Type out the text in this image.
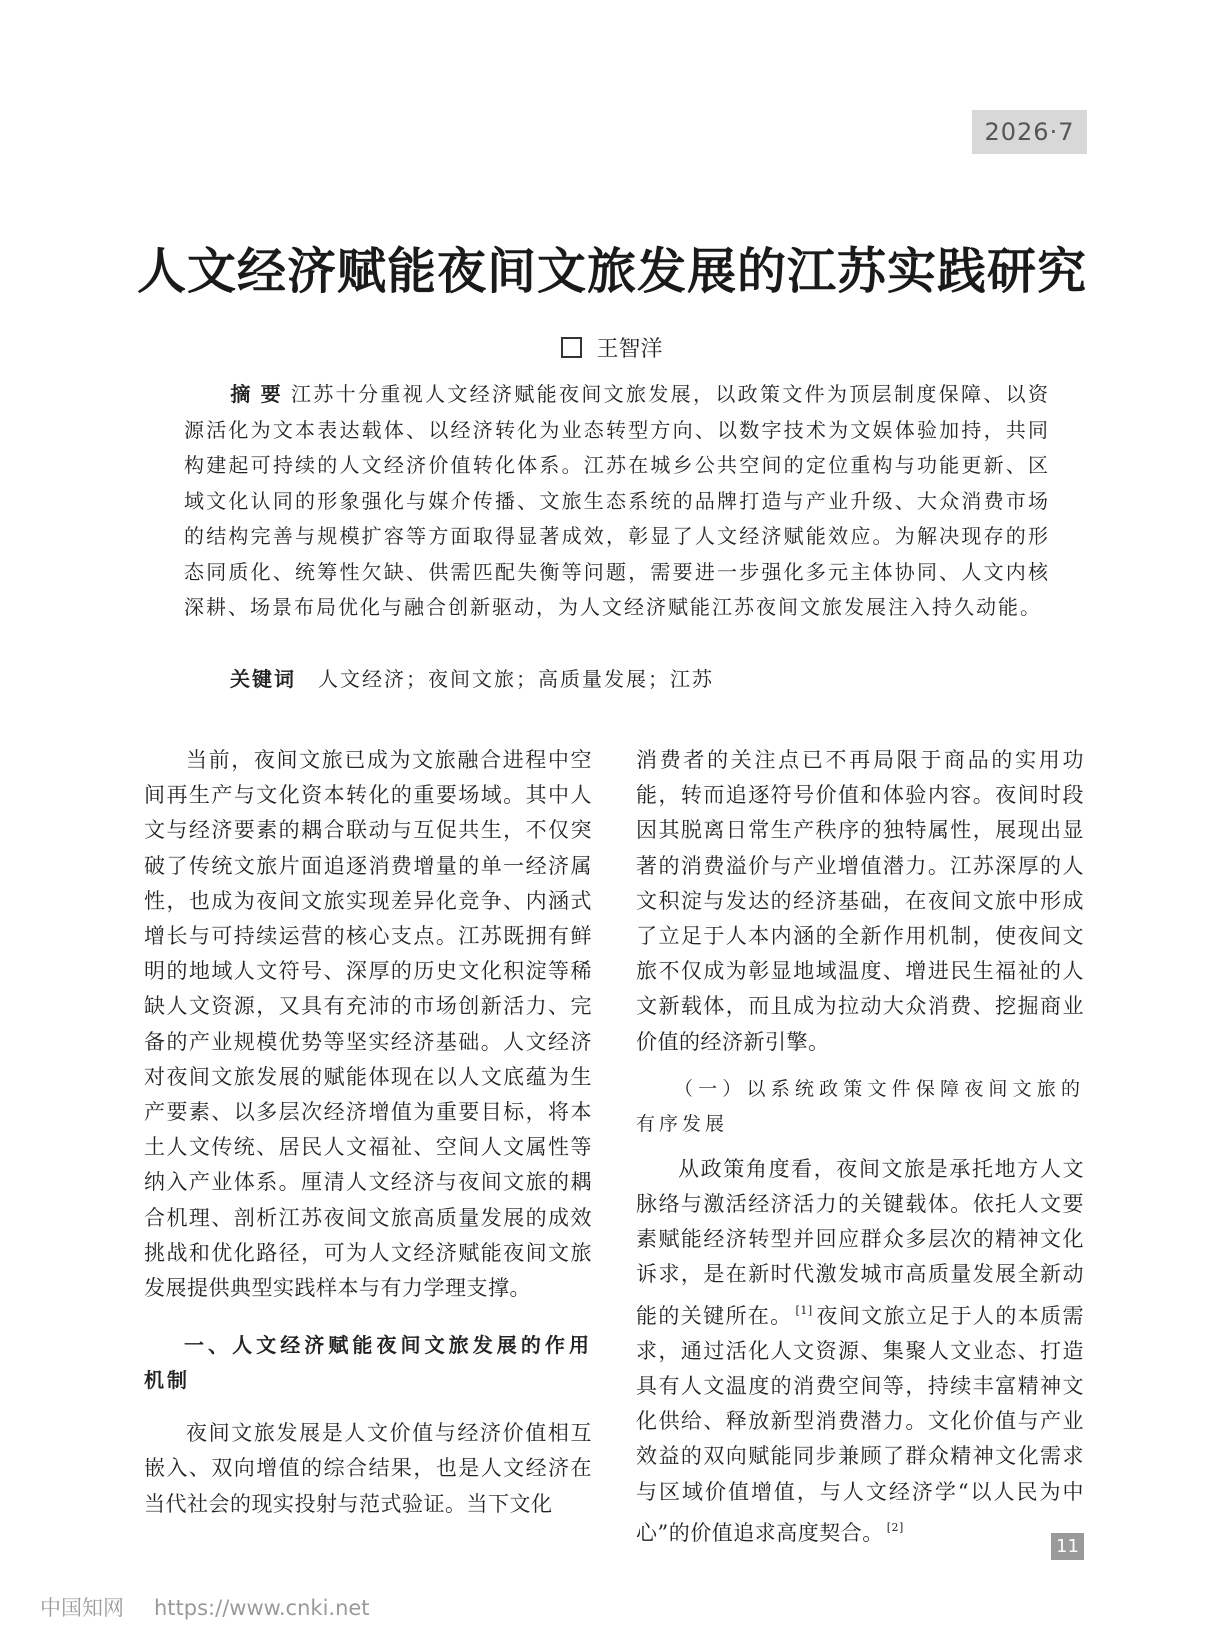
2026·7
人文经济赋能夜间文旅发展的江苏实践研究
王智洋
摘要江苏十分重视人文经济赋能夜间文旅发展，以政策文件为顶层制度保障、以资源活化为文本表达载体、以经济转化为业态转型方向、以数字技术为文娱体验加持，共同构建起可持续的人文经济价值转化体系。江苏在城乡公共空间的定位重构与功能更新、区域文化认同的形象强化与媒介传播、文旅生态系统的品牌打造与产业升级、大众消费市场的结构完善与规模扩容等方面取得显著成效，彰显了人文经济赋能效应。为解决现存的形态同质化、统筹性欠缺、供需匹配失衡等问题，需要进一步强化多元主体协同、人文内核深耕、场景布局优化与融合创新驱动，为人文经济赋能江苏夜间文旅发展注入持久动能。
关键词 人文经济；夜间文旅；高质量发展；江苏

当前，夜间文旅已成为文旅融合进程中空间再生产与文化资本转化的重要场域。其中人文与经济要素的耦合联动与互促共生，不仅突破了传统文旅片面追逐消费增量的单一经济属性，也成为夜间文旅实现差异化竞争、内涵式增长与可持续运营的核心支点。江苏既拥有鲜明的地域人文符号、深厚的历史文化积淀等稀缺人文资源，又具有充沛的市场创新活力、完备的产业规模优势等坚实经济基础。人文经济对夜间文旅发展的赋能体现在以人文底蕴为生产要素、以多层次经济增值为重要目标，将本土人文传统、居民人文福祉、空间人文属性等纳入产业体系。厘清人文经济与夜间文旅的耦合机理、剖析江苏夜间文旅高质量发展的成效挑战和优化路径，可为人文经济赋能夜间文旅发展提供典型实践样本与有力学理支撑。

一、人文经济赋能夜间文旅发展的作用机制

夜间文旅发展是人文价值与经济价值相互嵌入、双向增值的综合结果，也是人文经济在当代社会的现实投射与范式验证。当下文化

消费者的关注点已不再局限于商品的实用功能，转而追逐符号价值和体验内容。夜间时段因其脱离日常生产秩序的独特属性，展现出显著的消费溢价与产业增值潜力。江苏深厚的人文积淀与发达的经济基础，在夜间文旅中形成了立足于人本内涵的全新作用机制，使夜间文旅不仅成为彰显地域温度、增进民生福祉的人文新载体，而且成为拉动大众消费、挖掘商业价值的经济新引擎。

（一）以系统政策文件保障夜间文旅的有序发展

从政策角度看，夜间文旅是承托地方人文脉络与激活经济活力的关键载体。依托人文要素赋能经济转型并回应群众多层次的精神文化诉求，是在新时代激发城市高质量发展全新动能的关键所在。 [1] 夜间文旅立足于人的本质需求，通过活化人文资源、集聚人文业态、打造具有人文温度的消费空间等，持续丰富精神文化供给、释放新型消费潜力。文化价值与产业效益的双向赋能同步兼顾了群众精神文化需求与区域价值增值，与人文经济学“以人民为中心”的价值追求高度契合。 [2]

11
中国知网 https://www.cnki.net
